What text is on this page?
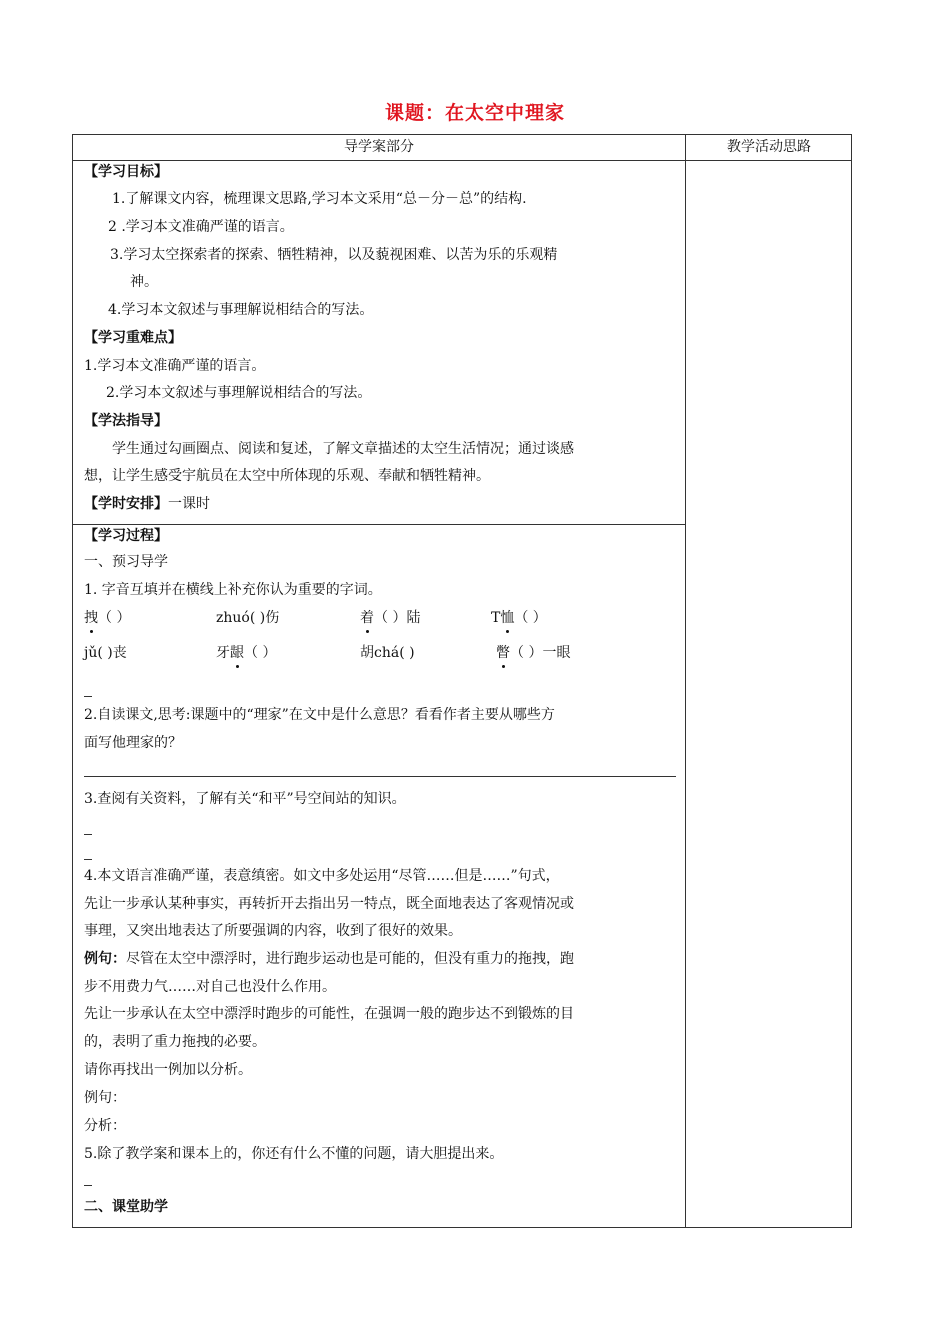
课题：在太空中理家
导学案部分	教学活动思路
【学习目标】
1.了解课文内容，梳理课文思路,学习本文采用“总－分－总”的结构.
2 .学习本文准确严谨的语言。
3.学习太空探索者的探索、牺牲精神，以及藐视困难、以苦为乐的乐观精
神。
4.学习本文叙述与事理解说相结合的写法。
【学习重难点】
1.学习本文准确严谨的语言。
2.学习本文叙述与事理解说相结合的写法。
【学法指导】
学生通过勾画圈点、阅读和复述，了解文章描述的太空生活情况；通过谈感
想，让学生感受宇航员在太空中所体现的乐观、奉献和牺牲精神。
【学时安排】一课时
【学习过程】
一、预习导学
1. 字音互填并在横线上补充你认为重要的字词。
拽（ ）	zhuó( )伤	着（ ）陆	T恤（ ）
jǔ( )丧	牙龈（ ）	胡chá( )	瞥（ ）一眼
2.自读课文,思考:课题中的“理家”在文中是什么意思？看看作者主要从哪些方
面写他理家的？
3.查阅有关资料，了解有关“和平”号空间站的知识。
4.本文语言准确严谨，表意缜密。如文中多处运用“尽管……但是……”句式，
先让一步承认某种事实，再转折开去指出另一特点，既全面地表达了客观情况或
事理，又突出地表达了所要强调的内容，收到了很好的效果。
例句：尽管在太空中漂浮时，进行跑步运动也是可能的，但没有重力的拖拽，跑
步不用费力气……对自己也没什么作用。
先让一步承认在太空中漂浮时跑步的可能性，在强调一般的跑步达不到锻炼的目
的，表明了重力拖拽的必要。
请你再找出一例加以分析。
例句：
分析：
5.除了教学案和课本上的，你还有什么不懂的问题，请大胆提出来。
二、课堂助学
